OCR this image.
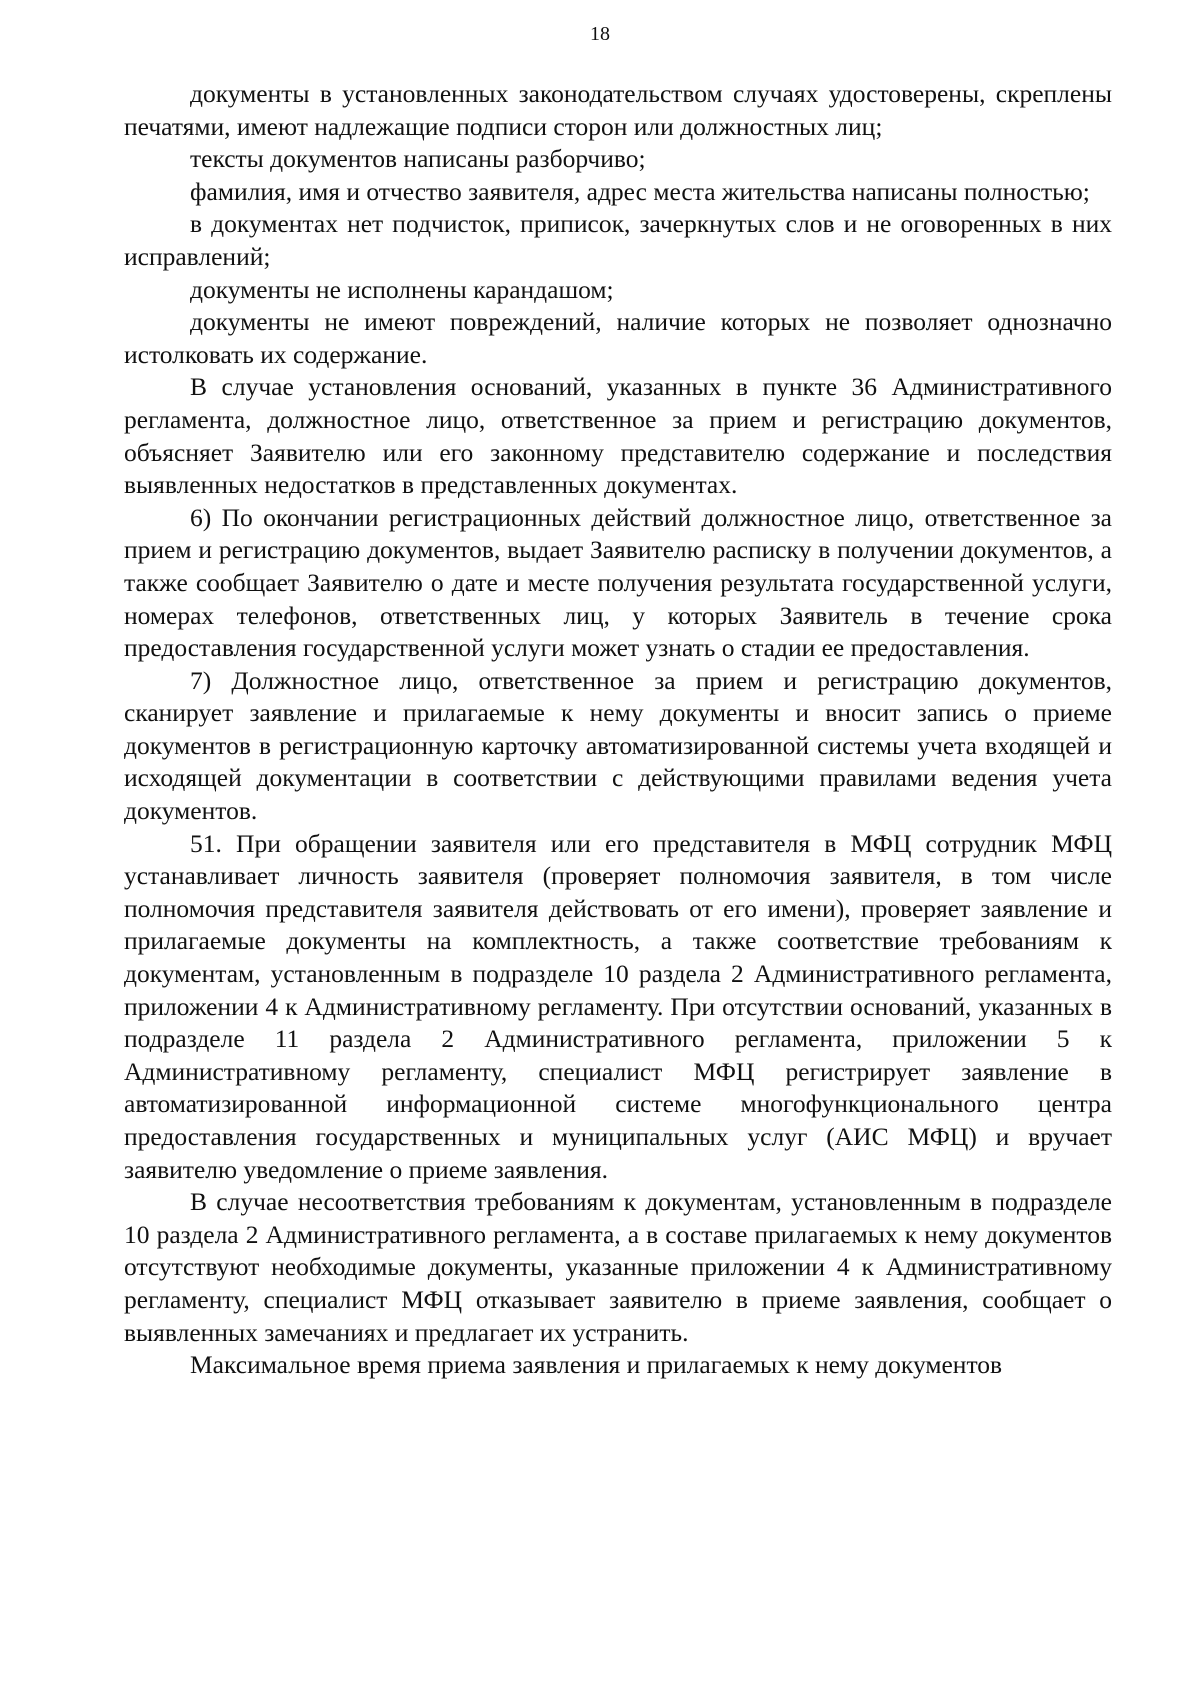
18

документы в установленных законодательством случаях удостоверены, скреплены печатями, имеют надлежащие подписи сторон или должностных лиц;

тексты документов написаны разборчиво;

фамилия, имя и отчество заявителя, адрес места жительства написаны полностью;

в документах нет подчисток, приписок, зачеркнутых слов и не оговоренных в них исправлений;

документы не исполнены карандашом;

документы не имеют повреждений, наличие которых не позволяет однозначно истолковать их содержание.

В случае установления оснований, указанных в пункте 36 Административного регламента, должностное лицо, ответственное за прием и регистрацию документов, объясняет Заявителю или его законному представителю содержание и последствия выявленных недостатков в представленных документах.

6) По окончании регистрационных действий должностное лицо, ответственное за прием и регистрацию документов, выдает Заявителю расписку в получении документов, а также сообщает Заявителю о дате и месте получения результата государственной услуги, номерах телефонов, ответственных лиц, у которых Заявитель в течение срока предоставления государственной услуги может узнать о стадии ее предоставления.

7) Должностное лицо, ответственное за прием и регистрацию документов, сканирует заявление и прилагаемые к нему документы и вносит запись о приеме документов в регистрационную карточку автоматизированной системы учета входящей и исходящей документации в соответствии с действующими правилами ведения учета документов.

51. При обращении заявителя или его представителя в МФЦ сотрудник МФЦ устанавливает личность заявителя (проверяет полномочия заявителя, в том числе полномочия представителя заявителя действовать от его имени), проверяет заявление и прилагаемые документы на комплектность, а также соответствие требованиям к документам, установленным в подразделе 10 раздела 2 Административного регламента, приложении 4 к Административному регламенту. При отсутствии оснований, указанных в подразделе 11 раздела 2 Административного регламента, приложении 5 к Административному регламенту, специалист МФЦ регистрирует заявление в автоматизированной информационной системе многофункционального центра предоставления государственных и муниципальных услуг (АИС МФЦ) и вручает заявителю уведомление о приеме заявления.

В случае несоответствия требованиям к документам, установленным в подразделе 10 раздела 2 Административного регламента, а в составе прилагаемых к нему документов отсутствуют необходимые документы, указанные приложении 4 к Административному регламенту, специалист МФЦ отказывает заявителю в приеме заявления, сообщает о выявленных замечаниях и предлагает их устранить.

Максимальное время приема заявления и прилагаемых к нему документов
